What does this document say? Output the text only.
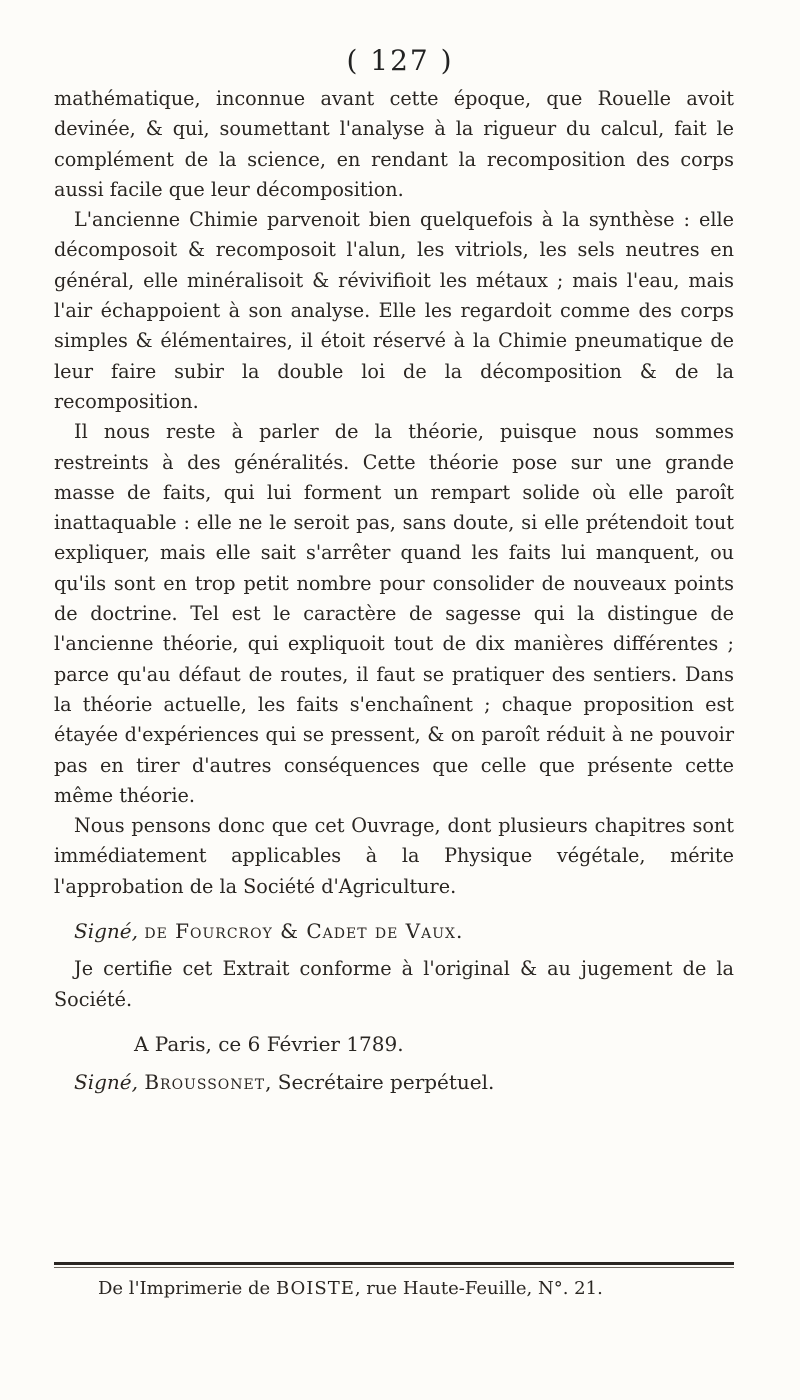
( 127 )

mathématique, inconnue avant cette époque, que Rouelle avoit devinée, & qui, soumettant l'analyse à la rigueur du calcul, fait le complément de la science, en rendant la recomposition des corps aussi facile que leur décomposition.

L'ancienne Chimie parvenoit bien quelquefois à la synthèse : elle décomposoit & recomposoit l'alun, les vitriols, les sels neutres en général, elle minéralisoit & révivifioit les métaux ; mais l'eau, mais l'air échappoient à son analyse. Elle les regardoit comme des corps simples & élémentaires, il étoit réservé à la Chimie pneumatique de leur faire subir la double loi de la décomposition & de la recomposition.

Il nous reste à parler de la théorie, puisque nous sommes restreints à des généralités. Cette théorie pose sur une grande masse de faits, qui lui forment un rempart solide où elle paroît inattaquable : elle ne le seroit pas, sans doute, si elle prétendoit tout expliquer, mais elle sait s'arrêter quand les faits lui manquent, ou qu'ils sont en trop petit nombre pour consolider de nouveaux points de doctrine. Tel est le caractère de sagesse qui la distingue de l'ancienne théorie, qui expliquoit tout de dix manières différentes ; parce qu'au défaut de routes, il faut se pratiquer des sentiers. Dans la théorie actuelle, les faits s'enchaînent ; chaque proposition est étayée d'expériences qui se pressent, & on paroît réduit à ne pouvoir pas en tirer d'autres conséquences que celle que présente cette même théorie.

Nous pensons donc que cet Ouvrage, dont plusieurs chapitres sont immédiatement applicables à la Physique végétale, mérite l'approbation de la Société d'Agriculture.

Signé, de Fourcroy & Cadet de Vaux.

Je certifie cet Extrait conforme à l'original & au jugement de la Société.

A Paris, ce 6 Février 1789.
Signé, Broussonet, Secrétaire perpétuel.
De l'Imprimerie de BOISTE, rue Haute-Feuille, N°. 21.
